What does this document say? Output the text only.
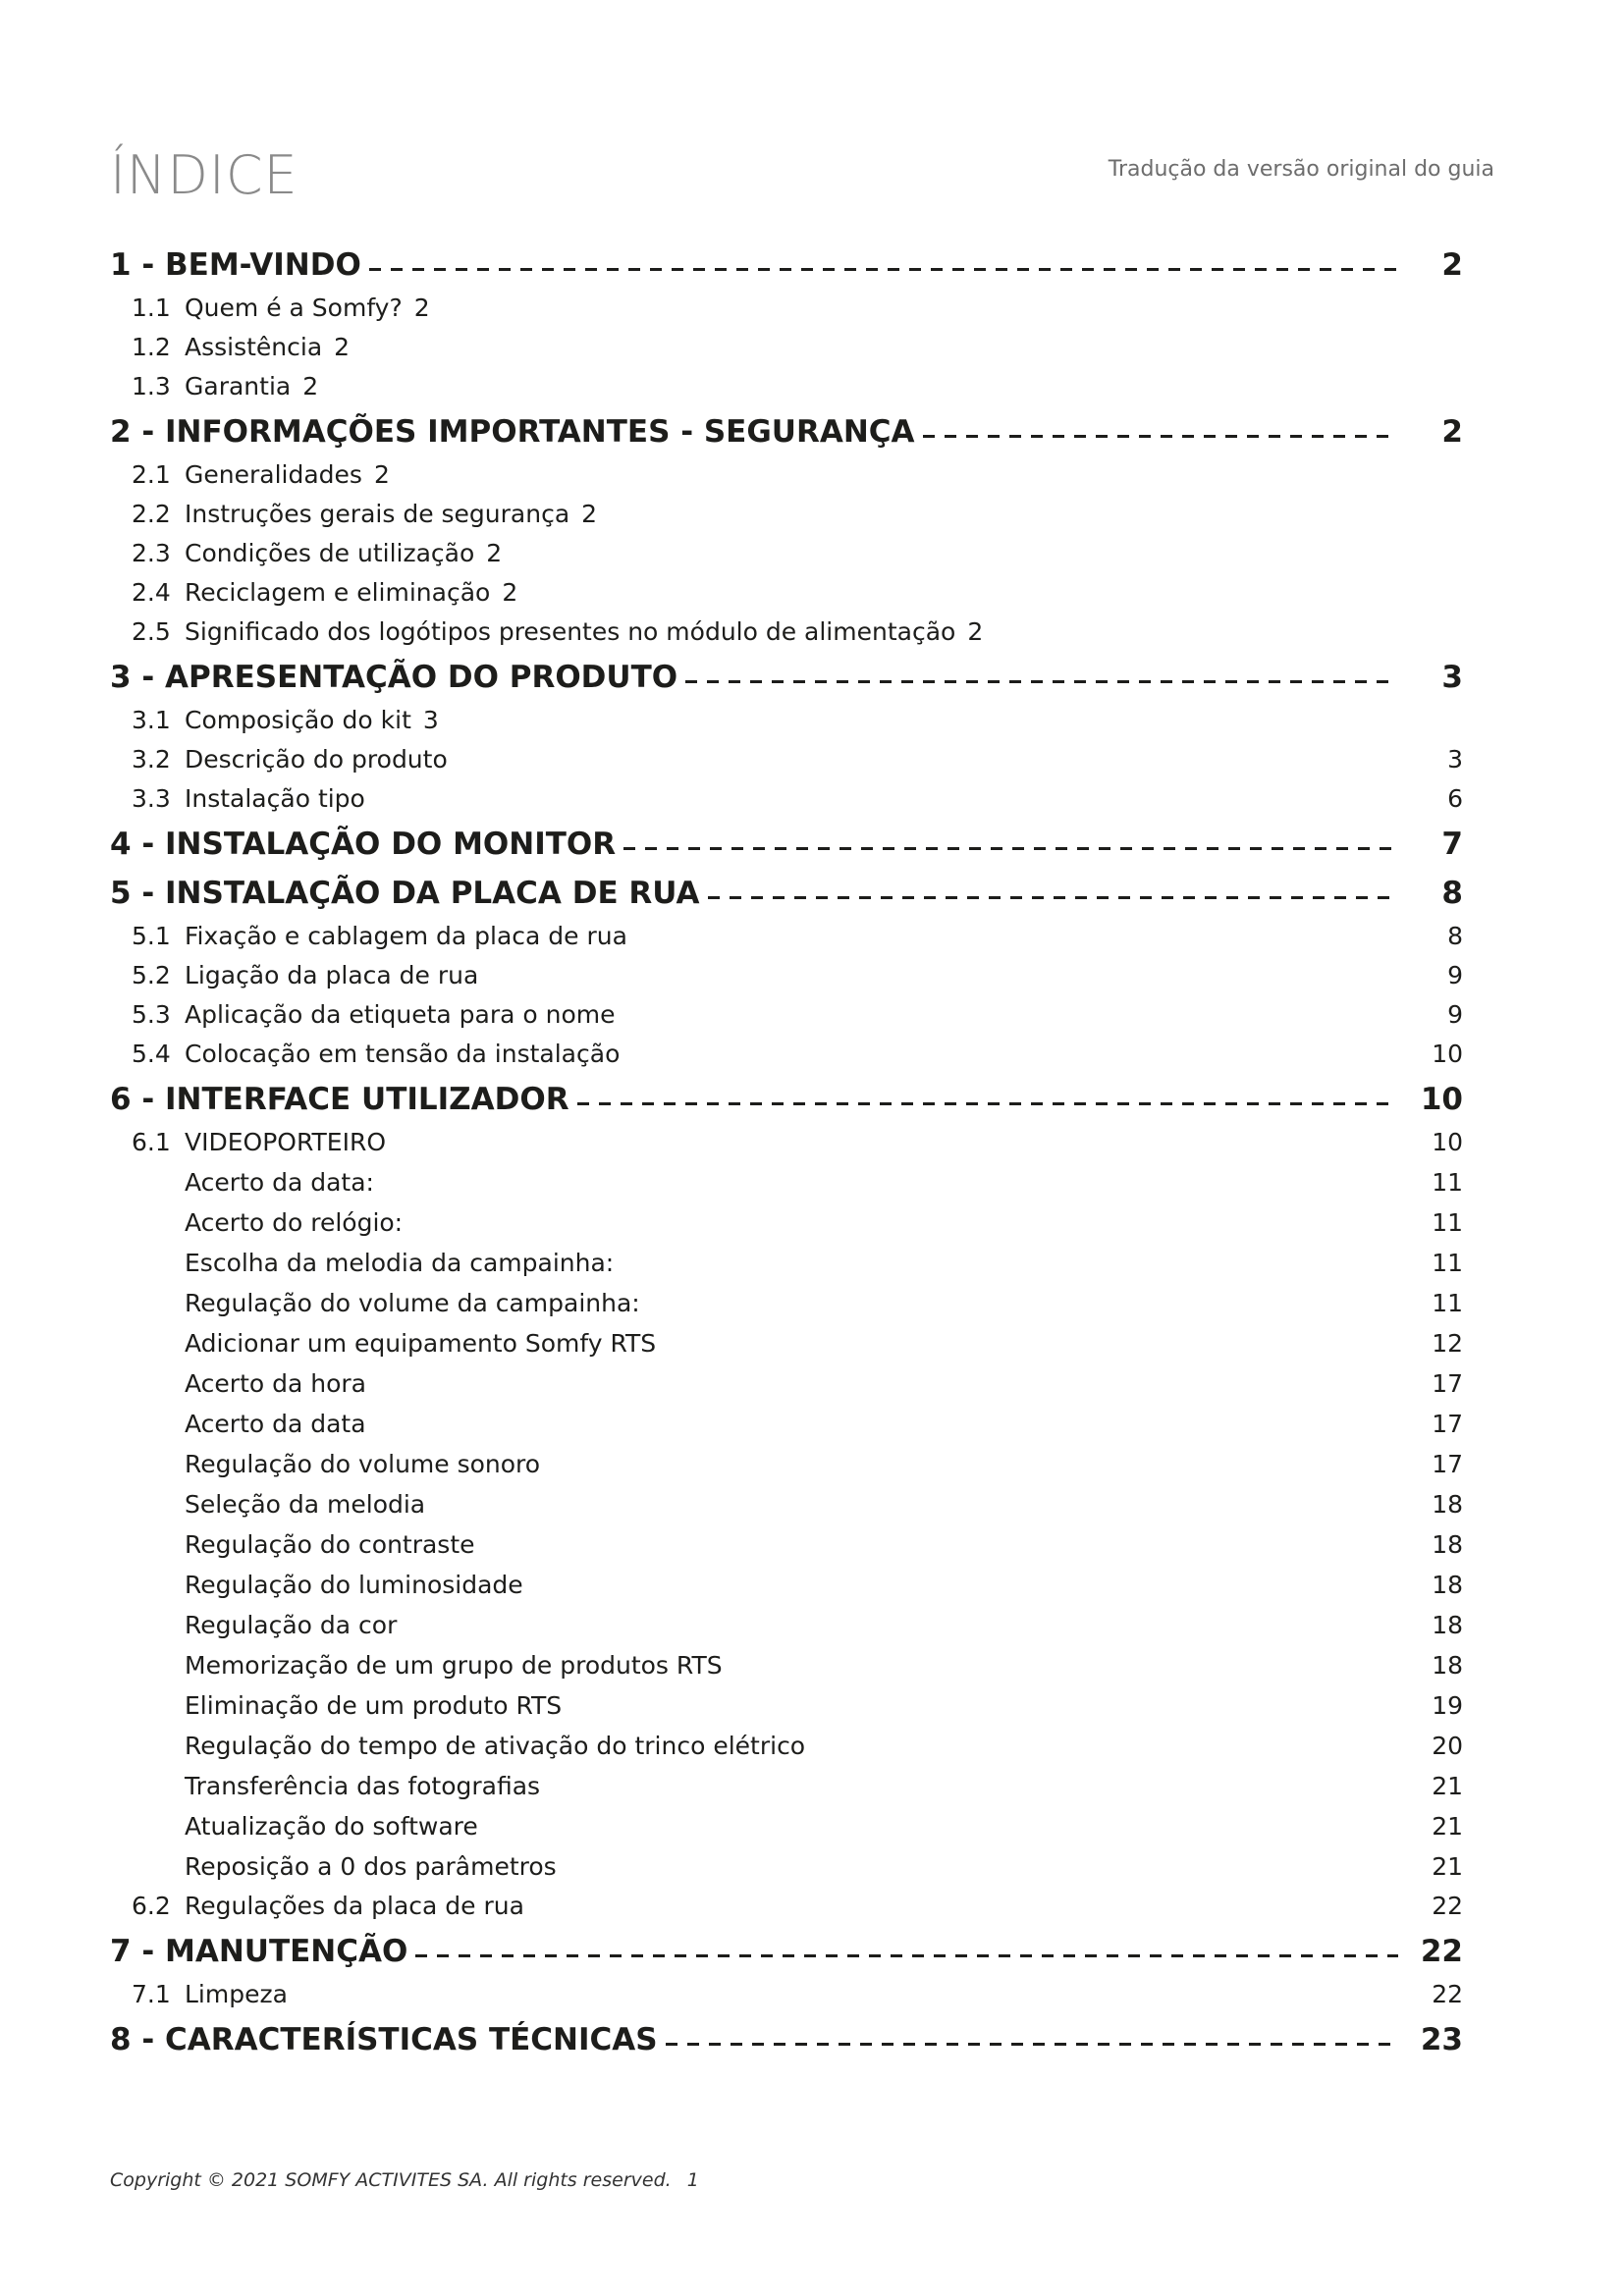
ÍNDICE	Tradução da versão original do guia
1 - BEM-VINDO	2
1.1 Quem é a Somfy? 2
1.2 Assistência 2
1.3 Garantia 2
2 - INFORMAÇÕES IMPORTANTES - SEGURANÇA	2
2.1 Generalidades 2
2.2 Instruções gerais de segurança 2
2.3 Condições de utilização 2
2.4 Reciclagem e eliminação 2
2.5 Significado dos logótipos presentes no módulo de alimentação 2
3 - APRESENTAÇÃO DO PRODUTO	3
3.1 Composição do kit 3
3.2 Descrição do produto	3
3.3 Instalação tipo	6
4 - INSTALAÇÃO DO MONITOR	7
5 - INSTALAÇÃO DA PLACA DE RUA	8
5.1 Fixação e cablagem da placa de rua	8
5.2 Ligação da placa de rua	9
5.3 Aplicação da etiqueta para o nome	9
5.4 Colocação em tensão da instalação	10
6 - INTERFACE UTILIZADOR	10
6.1 VIDEOPORTEIRO	10
Acerto da data:	11
Acerto do relógio:	11
Escolha da melodia da campainha:	11
Regulação do volume da campainha:	11
Adicionar um equipamento Somfy RTS	12
Acerto da hora	17
Acerto da data	17
Regulação do volume sonoro	17
Seleção da melodia	18
Regulação do contraste	18
Regulação do luminosidade	18
Regulação da cor	18
Memorização de um grupo de produtos RTS	18
Eliminação de um produto RTS	19
Regulação do tempo de ativação do trinco elétrico	20
Transferência das fotografias	21
Atualização do software	21
Reposição a 0 dos parâmetros	21
6.2 Regulações da placa de rua	22
7 - MANUTENÇÃO	22
7.1 Limpeza	22
8 - CARACTERÍSTICAS TÉCNICAS	23
Copyright © 2021 SOMFY ACTIVITES SA. All rights reserved. 1
